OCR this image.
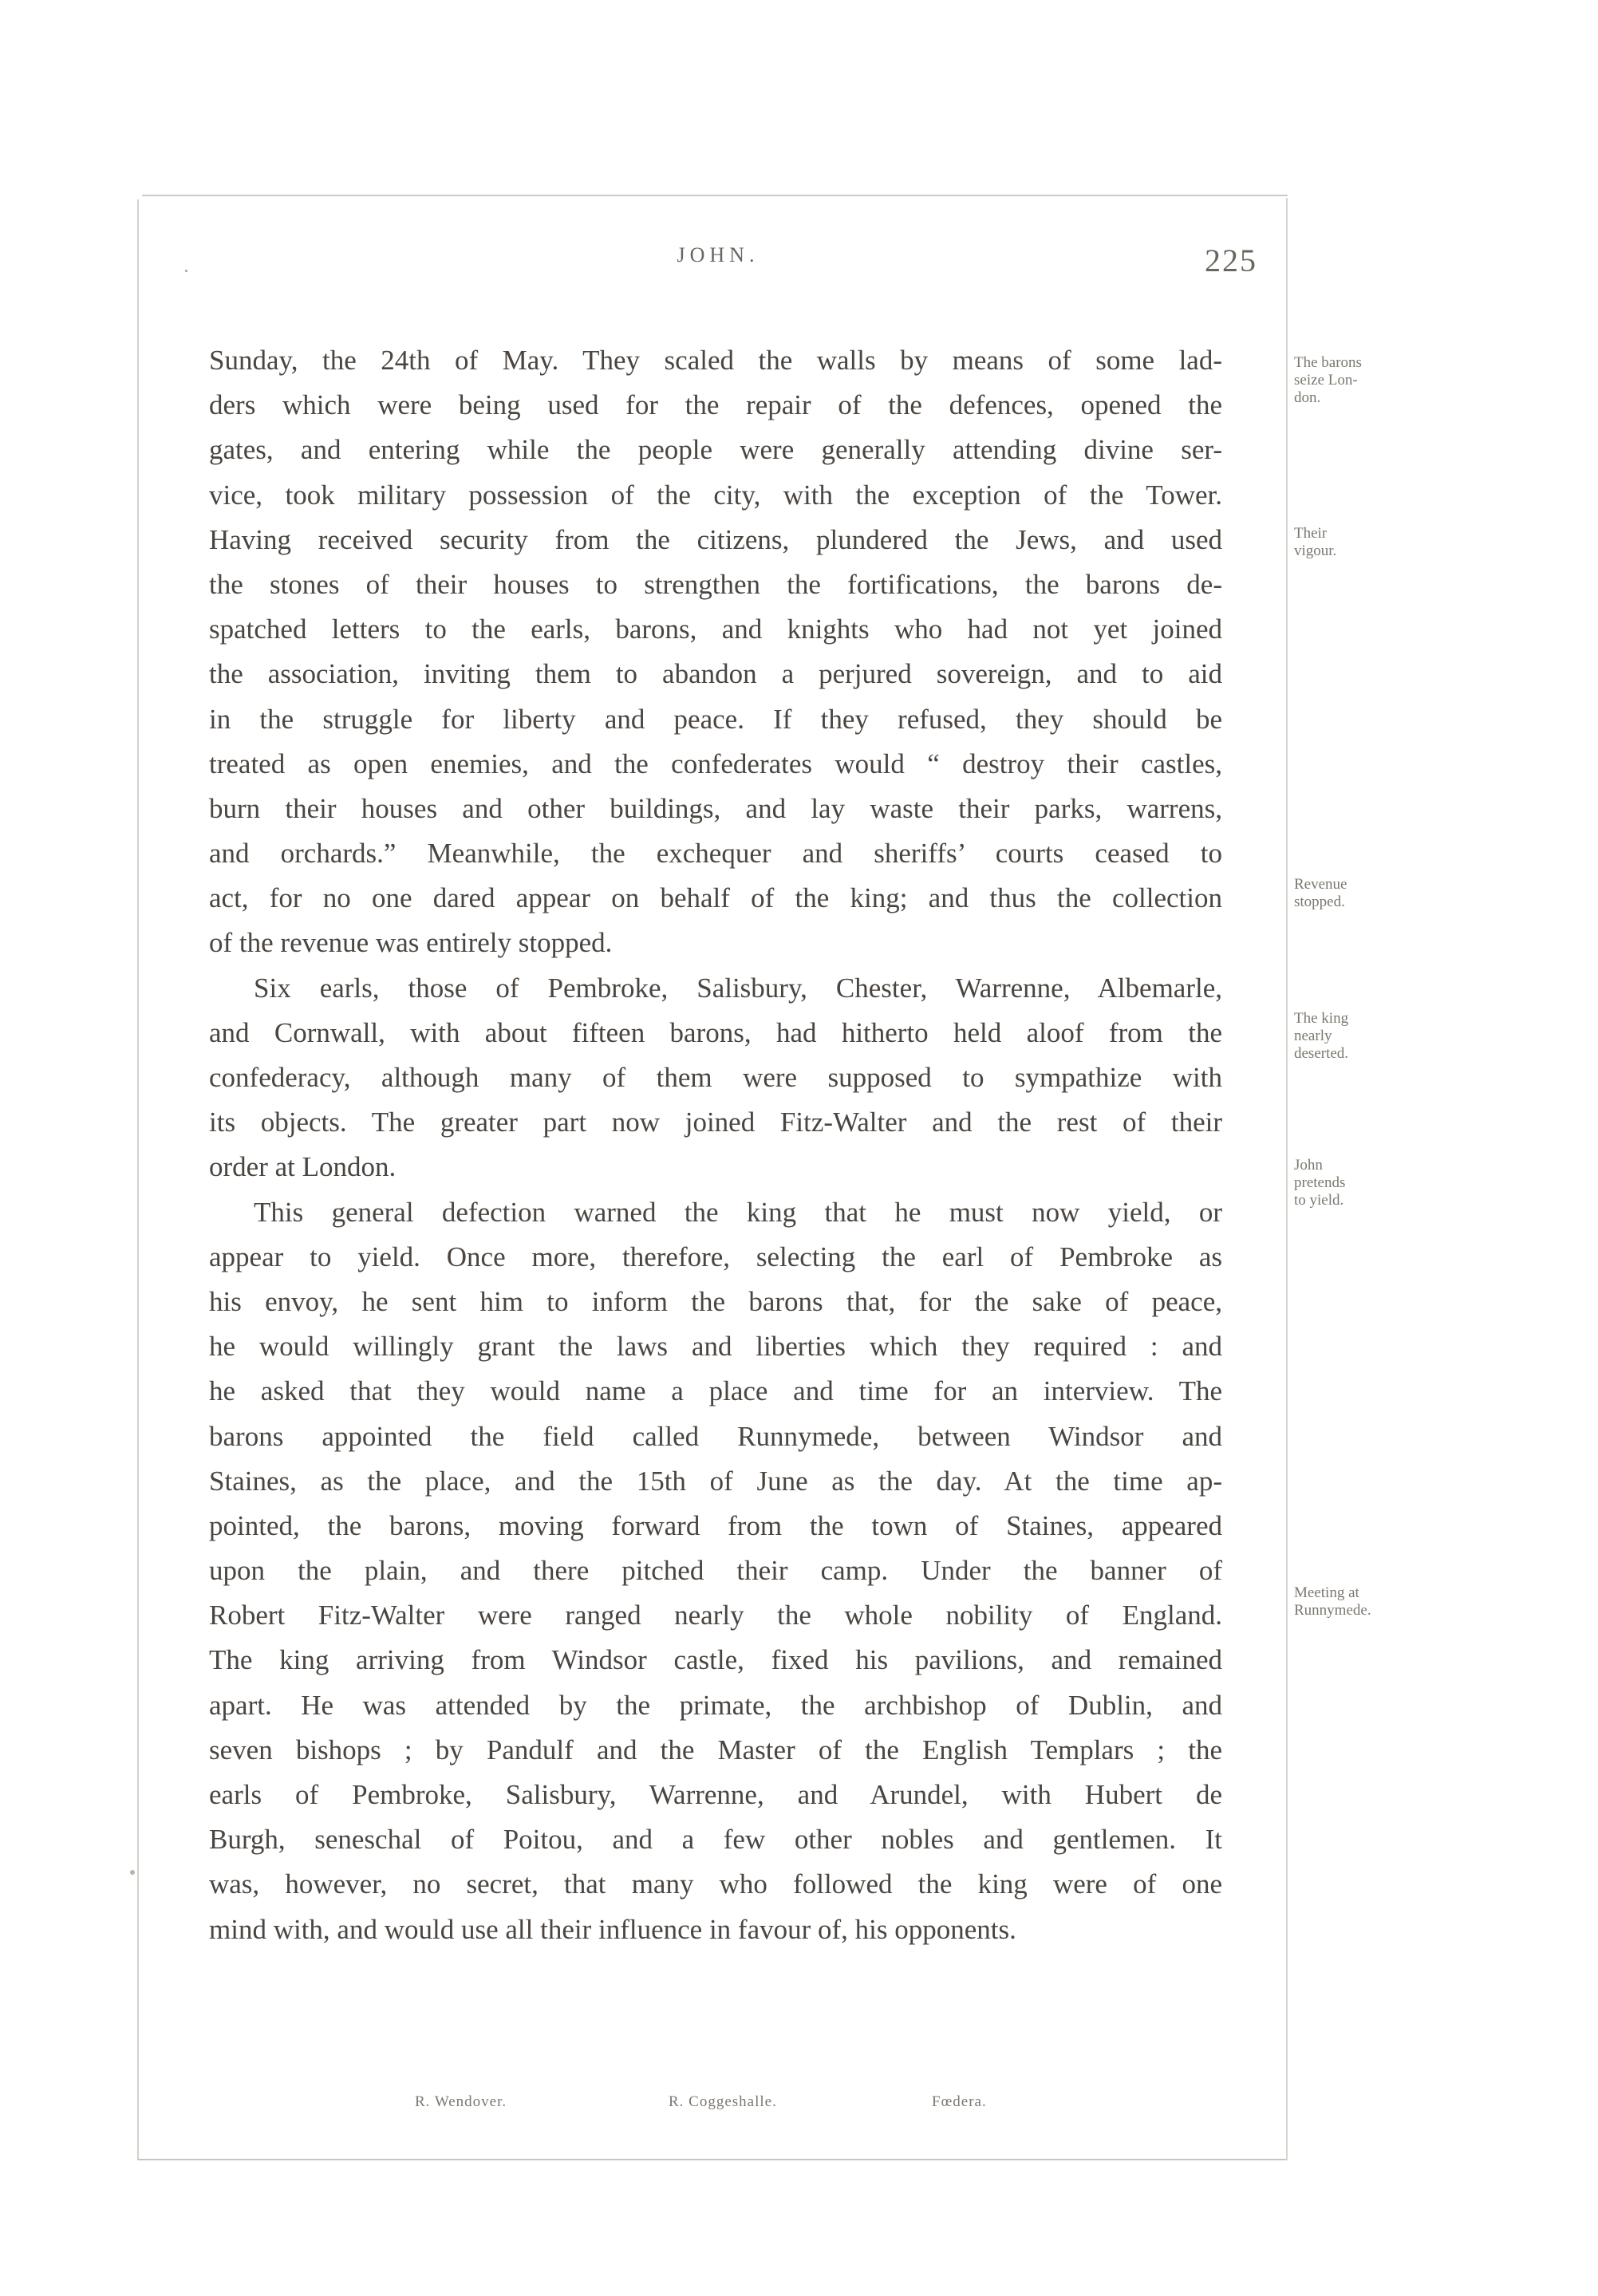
JOHN.	225

Sunday, the 24th of May. They scaled the walls by means of some lad-
ders which were being used for the repair of the defences, opened the
gates, and entering while the people were generally attending divine ser-
vice, took military possession of the city, with the exception of the Tower.
Having received security from the citizens, plundered the Jews, and used
the stones of their houses to strengthen the fortifications, the barons de-
spatched letters to the earls, barons, and knights who had not yet joined
the association, inviting them to abandon a perjured sovereign, and to aid
in the struggle for liberty and peace. If they refused, they should be
treated as open enemies, and the confederates would “ destroy their castles,
burn their houses and other buildings, and lay waste their parks, warrens,
and orchards.” Meanwhile, the exchequer and sheriffs’ courts ceased to
act, for no one dared appear on behalf of the king; and thus the collection
of the revenue was entirely stopped.

Six earls, those of Pembroke, Salisbury, Chester, Warrenne, Albemarle,
and Cornwall, with about fifteen barons, had hitherto held aloof from the
confederacy, although many of them were supposed to sympathize with
its objects. The greater part now joined Fitz-Walter and the rest of their
order at London.

This general defection warned the king that he must now yield, or
appear to yield. Once more, therefore, selecting the earl of Pembroke as
his envoy, he sent him to inform the barons that, for the sake of peace,
he would willingly grant the laws and liberties which they required : and
he asked that they would name a place and time for an interview. The
barons appointed the field called Runnymede, between Windsor and
Staines, as the place, and the 15th of June as the day. At the time ap-
pointed, the barons, moving forward from the town of Staines, appeared
upon the plain, and there pitched their camp. Under the banner of
Robert Fitz-Walter were ranged nearly the whole nobility of England.
The king arriving from Windsor castle, fixed his pavilions, and remained
apart. He was attended by the primate, the archbishop of Dublin, and
seven bishops ; by Pandulf and the Master of the English Templars ; the
earls of Pembroke, Salisbury, Warrenne, and Arundel, with Hubert de
Burgh, seneschal of Poitou, and a few other nobles and gentlemen. It
was, however, no secret, that many who followed the king were of one
mind with, and would use all their influence in favour of, his opponents.

The barons
seize Lon-
don.
Their
vigour.
Revenue
stopped.
The king
nearly
deserted.
John
pretends
to yield.
Meeting at
Runnymede.
R. Wendover.	R. Coggeshalle.	Fœdera.
